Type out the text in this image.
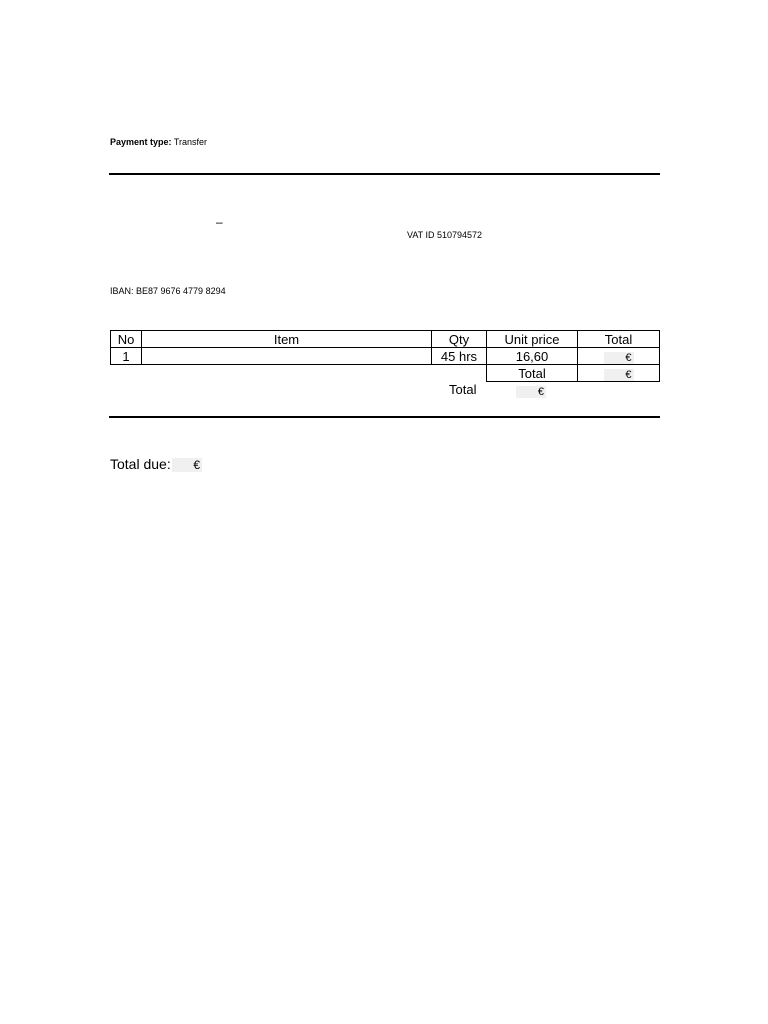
Payment type: Transfer
–
VAT ID 510794572
IBAN: BE87 9676 4779 8294
No	Item	Qty	Unit price	Total
1		45 hrs	16,60	€
			Total	€
Total	€
Total due:	€
